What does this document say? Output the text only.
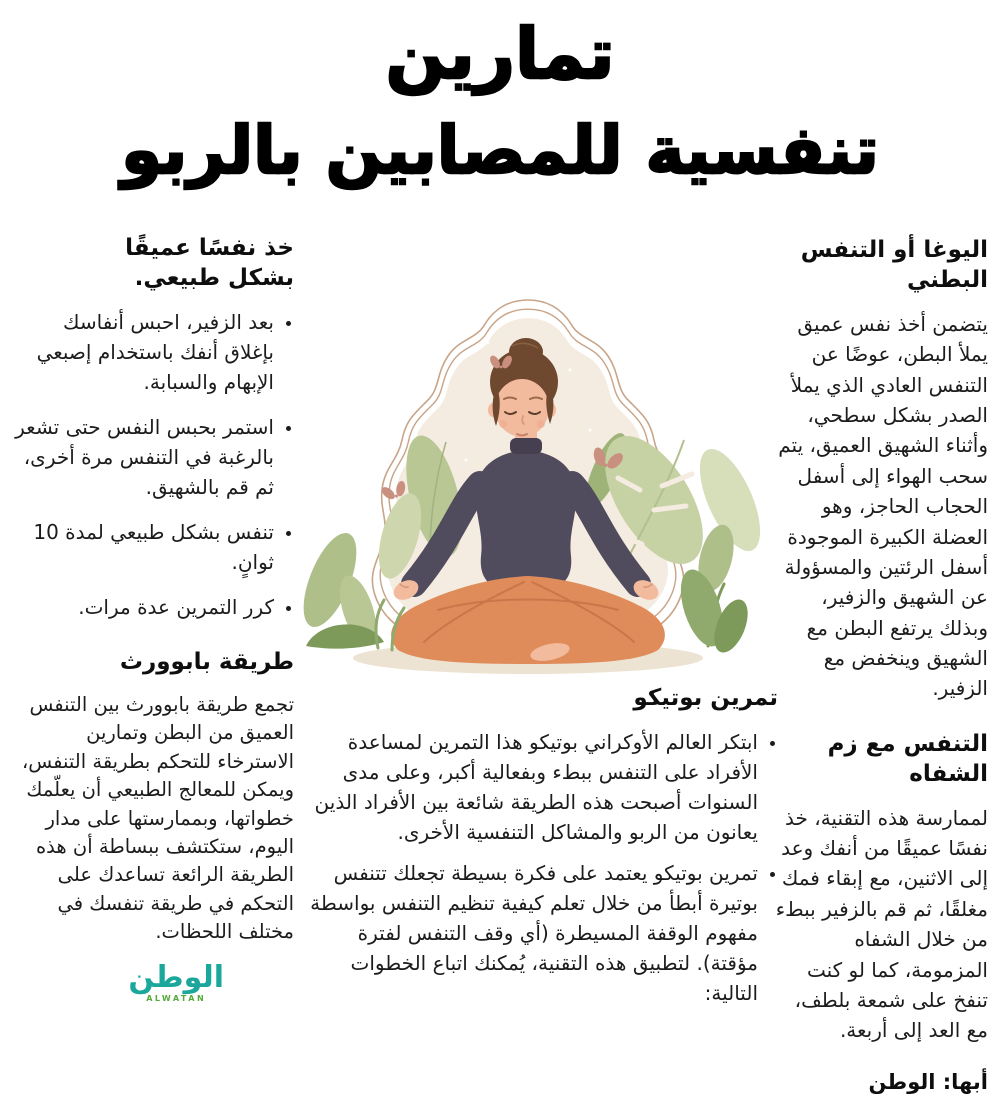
تمارين
تنفسية للمصابين بالربو
اليوغا أو التنفس البطني

يتضمن أخذ نفس عميق يملأ البطن، عوضًا عن التنفس العادي الذي يملأ الصدر بشكل سطحي، وأثناء الشهيق العميق، يتم سحب الهواء إلى أسفل الحجاب الحاجز، وهو العضلة الكبيرة الموجودة أسفل الرئتين والمسؤولة عن الشهيق والزفير، وبذلك يرتفع البطن مع الشهيق وينخفض مع الزفير.

التنفس مع زم الشفاه

لممارسة هذه التقنية، خذ نفسًا عميقًا من أنفك وعد إلى الاثنين، مع إبقاء فمك مغلقًا، ثم قم بالزفير ببطء من خلال الشفاه المزمومة، كما لو كنت تنفخ على شمعة بلطف، مع العد إلى أربعة.

أبها: الوطن
خذ نفسًا عميقًا بشكل طبيعي.
• بعد الزفير، احبس أنفاسك بإغلاق أنفك باستخدام إصبعي الإبهام والسبابة.
• استمر بحبس النفس حتى تشعر بالرغبة في التنفس مرة أخرى، ثم قم بالشهيق.
• تنفس بشكل طبيعي لمدة 10 ثوانٍ.
• كرر التمرين عدة مرات.
طريقة بابوورث

تجمع طريقة بابوورث بين التنفس العميق من البطن وتمارين الاسترخاء للتحكم بطريقة التنفس، ويمكن للمعالج الطبيعي أن يعلّمك خطواتها، وبممارستها على مدار اليوم، ستكتشف ببساطة أن هذه الطريقة الرائعة تساعدك على التحكم في طريقة تنفسك في مختلف اللحظات.

الوطن
ALWATAN
تمرين بوتيكو
• ابتكر العالم الأوكراني بوتيكو هذا التمرين لمساعدة الأفراد على التنفس ببطء وبفعالية أكبر، وعلى مدى السنوات أصبحت هذه الطريقة شائعة بين الأفراد الذين يعانون من الربو والمشاكل التنفسية الأخرى.
• تمرين بوتيكو يعتمد على فكرة بسيطة تجعلك تتنفس بوتيرة أبطأ من خلال تعلم كيفية تنظيم التنفس بواسطة مفهوم الوقفة المسيطرة (أي وقف التنفس لفترة مؤقتة). لتطبيق هذه التقنية، يُمكنك اتباع الخطوات التالية:
